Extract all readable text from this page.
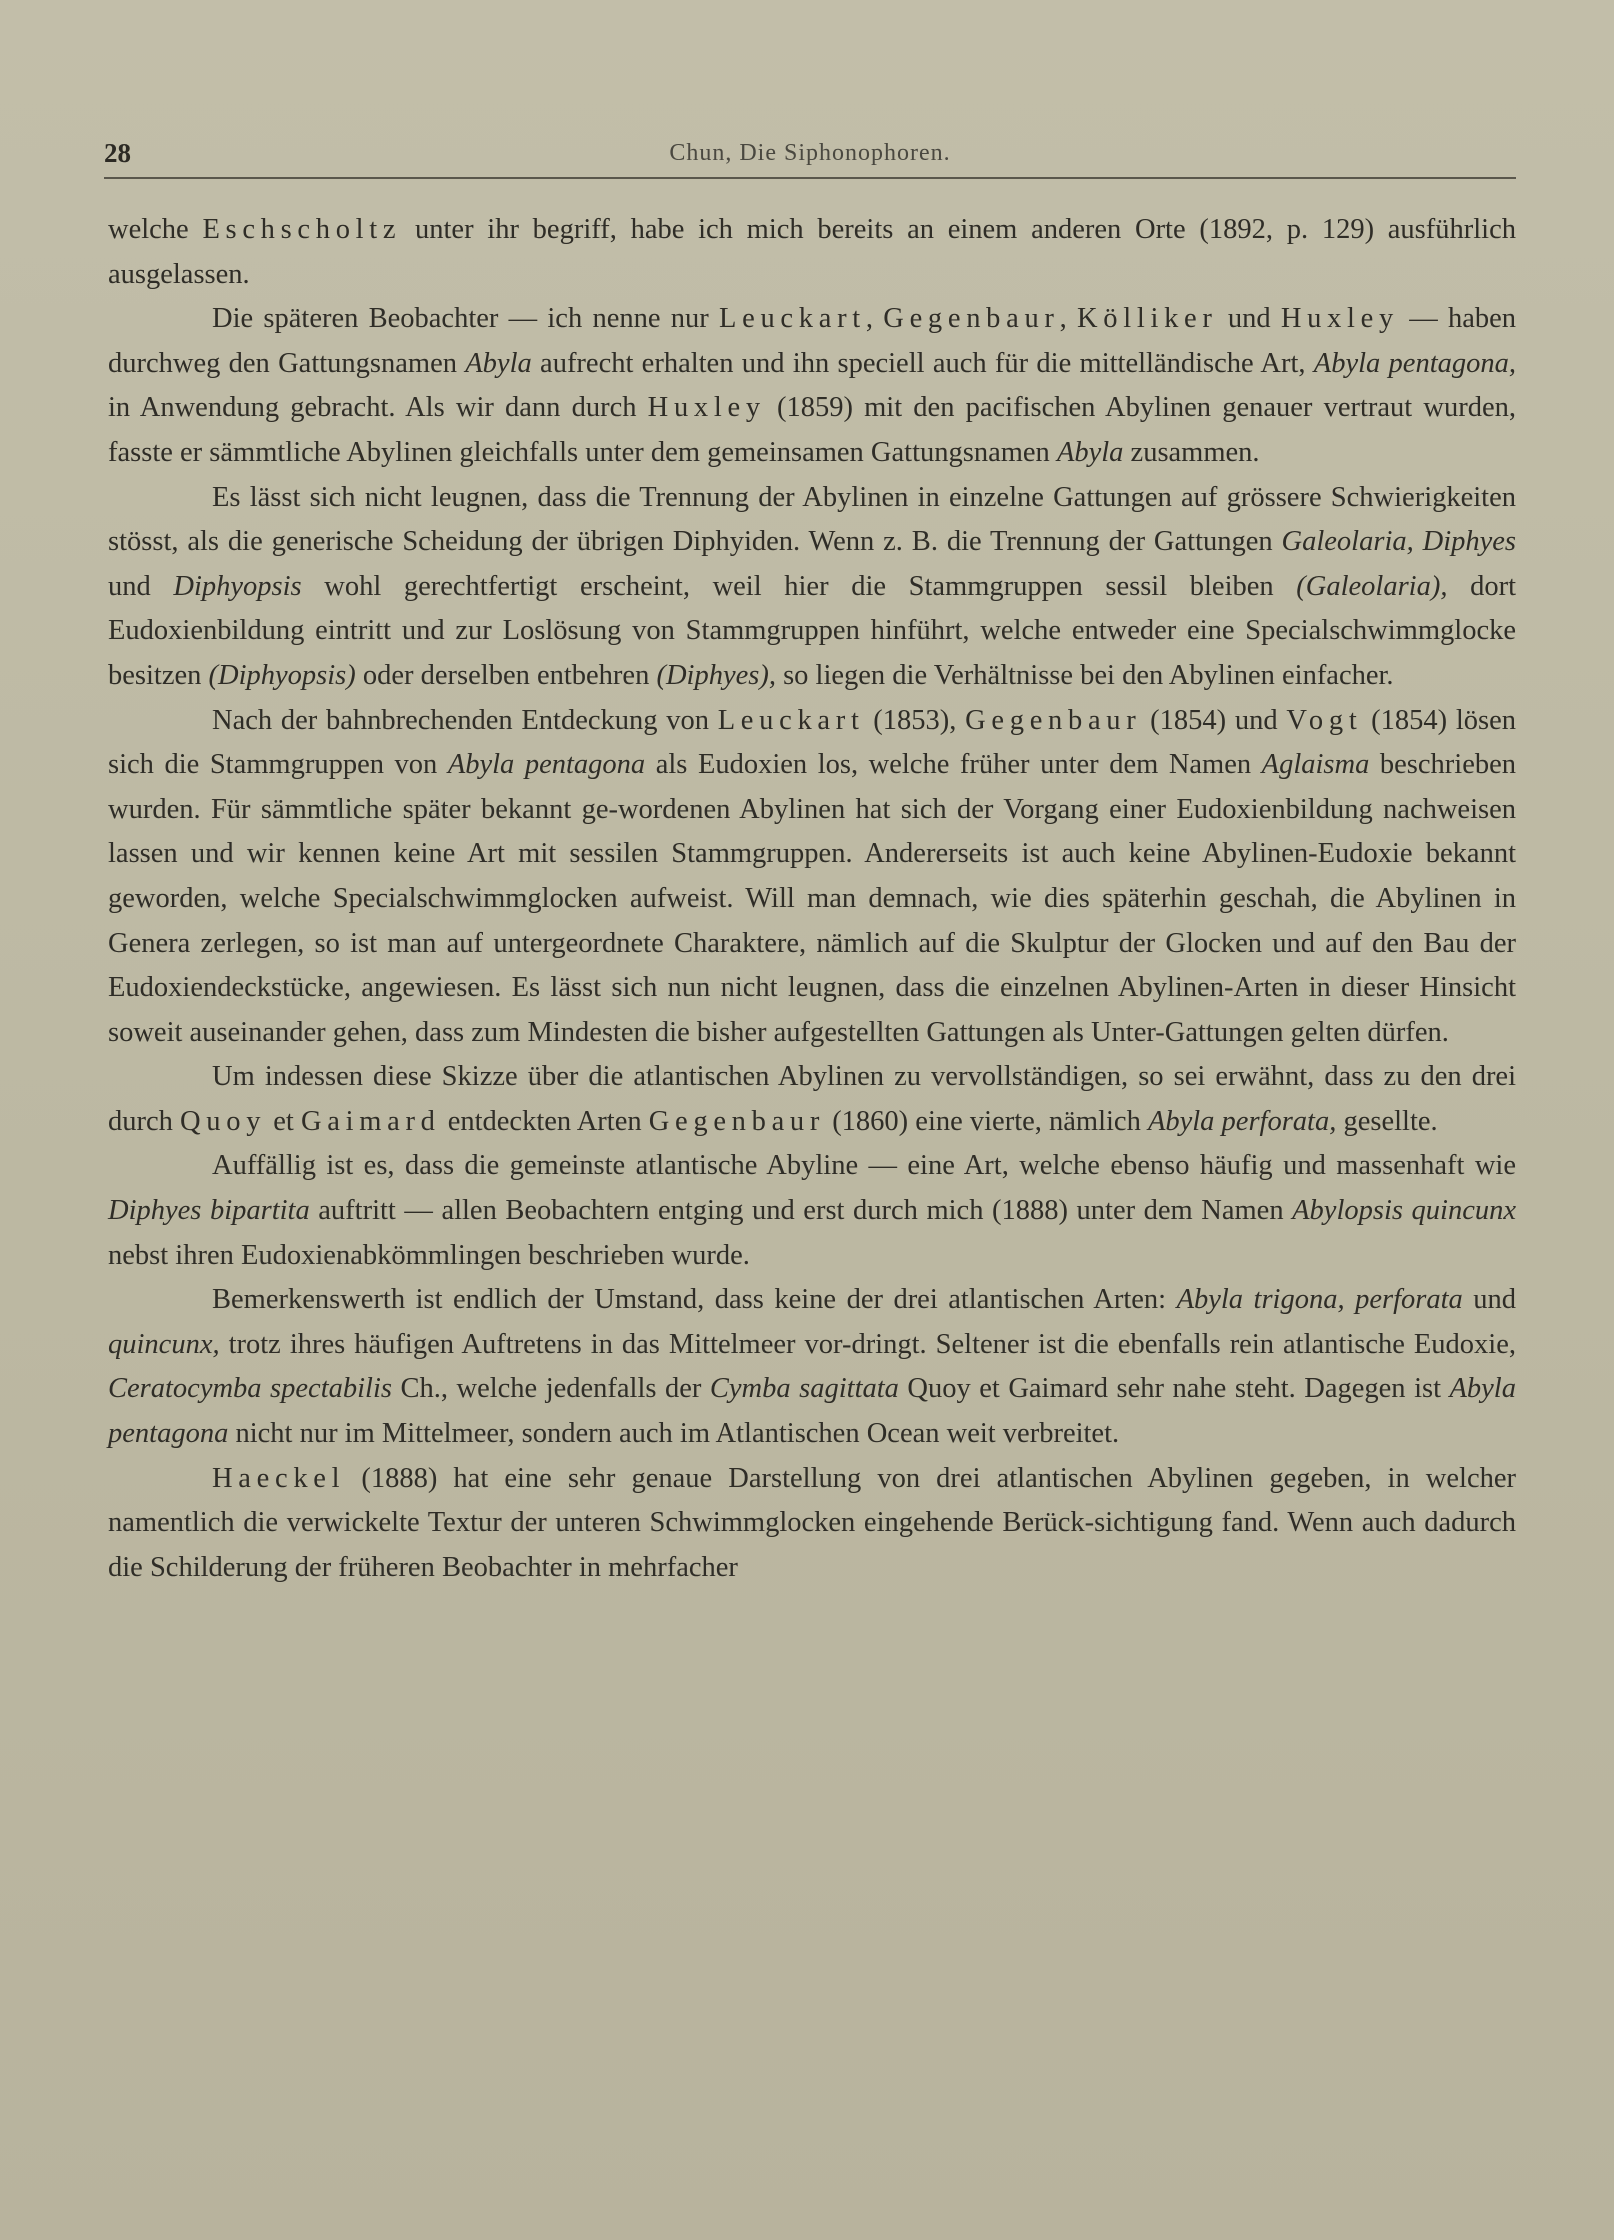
28	Chun, Die Siphonophoren.

welche Eschscholtz unter ihr begriff, habe ich mich bereits an einem anderen Orte (1892, p. 129) ausführlich ausgelassen.

Die späteren Beobachter — ich nenne nur Leuckart, Gegenbaur, Kölliker und Huxley — haben durchweg den Gattungsnamen Abyla aufrecht erhalten und ihn speciell auch für die mittelländische Art, Abyla pentagona, in Anwendung gebracht. Als wir dann durch Huxley (1859) mit den pacifischen Abylinen genauer vertraut wurden, fasste er sämmtliche Abylinen gleichfalls unter dem gemeinsamen Gattungsnamen Abyla zusammen.

Es lässt sich nicht leugnen, dass die Trennung der Abylinen in einzelne Gattungen auf grössere Schwierigkeiten stösst, als die generische Scheidung der übrigen Diphyiden. Wenn z. B. die Trennung der Gattungen Galeolaria, Diphyes und Diphyopsis wohl gerechtfertigt erscheint, weil hier die Stammgruppen sessil bleiben (Galeolaria), dort Eudoxienbildung eintritt und zur Loslösung von Stammgruppen hinführt, welche entweder eine Specialschwimmglocke besitzen (Diphyopsis) oder derselben entbehren (Diphyes), so liegen die Verhältnisse bei den Abylinen einfacher.

Nach der bahnbrechenden Entdeckung von Leuckart (1853), Gegenbaur (1854) und Vogt (1854) lösen sich die Stammgruppen von Abyla pentagona als Eudoxien los, welche früher unter dem Namen Aglaisma beschrieben wurden. Für sämmtliche später bekannt ge-wordenen Abylinen hat sich der Vorgang einer Eudoxienbildung nachweisen lassen und wir kennen keine Art mit sessilen Stammgruppen. Andererseits ist auch keine Abylinen-Eudoxie bekannt geworden, welche Specialschwimmglocken aufweist. Will man demnach, wie dies späterhin geschah, die Abylinen in Genera zerlegen, so ist man auf untergeordnete Charaktere, nämlich auf die Skulptur der Glocken und auf den Bau der Eudoxiendeckstücke, angewiesen. Es lässt sich nun nicht leugnen, dass die einzelnen Abylinen-Arten in dieser Hinsicht soweit auseinander gehen, dass zum Mindesten die bisher aufgestellten Gattungen als Unter-Gattungen gelten dürfen.

Um indessen diese Skizze über die atlantischen Abylinen zu vervollständigen, so sei erwähnt, dass zu den drei durch Quoy et Gaimard entdeckten Arten Gegenbaur (1860) eine vierte, nämlich Abyla perforata, gesellte.

Auffällig ist es, dass die gemeinste atlantische Abyline — eine Art, welche ebenso häufig und massenhaft wie Diphyes bipartita auftritt — allen Beobachtern entging und erst durch mich (1888) unter dem Namen Abylopsis quincunx nebst ihren Eudoxienabkömmlingen beschrieben wurde.

Bemerkenswerth ist endlich der Umstand, dass keine der drei atlantischen Arten: Abyla trigona, perforata und quincunx, trotz ihres häufigen Auftretens in das Mittelmeer vor-dringt. Seltener ist die ebenfalls rein atlantische Eudoxie, Ceratocymba spectabilis Ch., welche jedenfalls der Cymba sagittata Quoy et Gaimard sehr nahe steht. Dagegen ist Abyla pentagona nicht nur im Mittelmeer, sondern auch im Atlantischen Ocean weit verbreitet.

Haeckel (1888) hat eine sehr genaue Darstellung von drei atlantischen Abylinen gegeben, in welcher namentlich die verwickelte Textur der unteren Schwimmglocken eingehende Berück-sichtigung fand. Wenn auch dadurch die Schilderung der früheren Beobachter in mehrfacher
